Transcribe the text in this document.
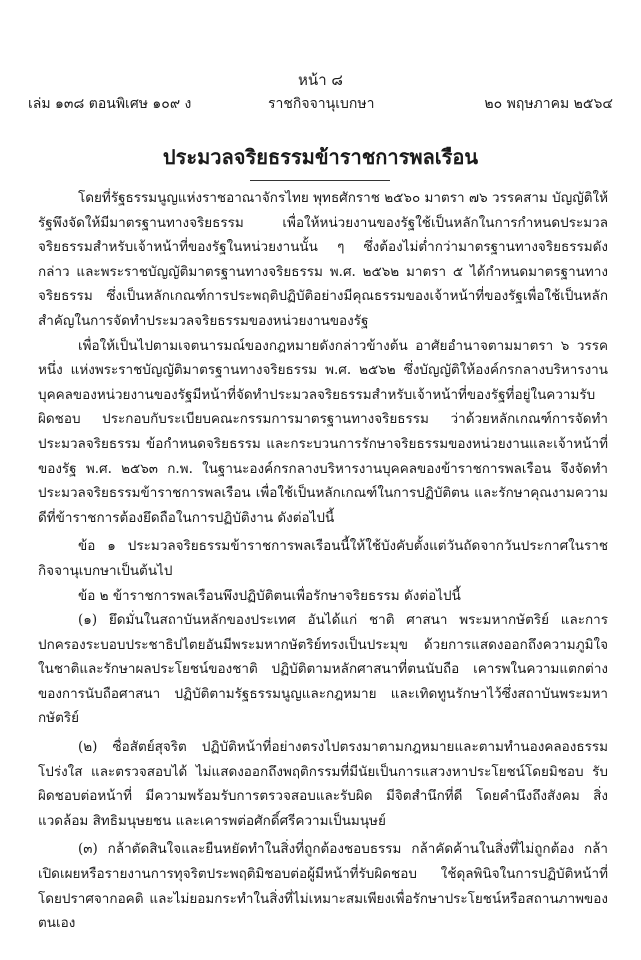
หน้า ๘
เล่ม ๑๓๘ ตอนพิเศษ ๑๐๙ ง	ราชกิจจานุเบกษา	๒๐ พฤษภาคม ๒๕๖๔
ประมวลจริยธรรมข้าราชการพลเรือน

โดยที่รัฐธรรมนูญแห่งราชอาณาจักรไทย พุทธศักราช ๒๕๖๐ มาตรา ๗๖ วรรคสาม บัญญัติให้รัฐพึงจัดให้มีมาตรฐานทางจริยธรรม เพื่อให้หน่วยงานของรัฐใช้เป็นหลักในการกำหนดประมวลจริยธรรมสำหรับเจ้าหน้าที่ของรัฐในหน่วยงานนั้น ๆ ซึ่งต้องไม่ต่ำกว่ามาตรฐานทางจริยธรรมดังกล่าว และพระราชบัญญัติมาตรฐานทางจริยธรรม พ.ศ. ๒๕๖๒ มาตรา ๕ ได้กำหนดมาตรฐานทางจริยธรรม ซึ่งเป็นหลักเกณฑ์การประพฤติปฏิบัติอย่างมีคุณธรรมของเจ้าหน้าที่ของรัฐเพื่อใช้เป็นหลักสำคัญในการจัดทำประมวลจริยธรรมของหน่วยงานของรัฐ

เพื่อให้เป็นไปตามเจตนารมณ์ของกฎหมายดังกล่าวข้างต้น อาศัยอำนาจตามมาตรา ๖ วรรคหนึ่ง แห่งพระราชบัญญัติมาตรฐานทางจริยธรรม พ.ศ. ๒๕๖๒ ซึ่งบัญญัติให้องค์กรกลางบริหารงานบุคคลของหน่วยงานของรัฐมีหน้าที่จัดทำประมวลจริยธรรมสำหรับเจ้าหน้าที่ของรัฐที่อยู่ในความรับผิดชอบ ประกอบกับระเบียบคณะกรรมการมาตรฐานทางจริยธรรม ว่าด้วยหลักเกณฑ์การจัดทำประมวลจริยธรรม ข้อกำหนดจริยธรรม และกระบวนการรักษาจริยธรรมของหน่วยงานและเจ้าหน้าที่ของรัฐ พ.ศ. ๒๕๖๓ ก.พ. ในฐานะองค์กรกลางบริหารงานบุคคลของข้าราชการพลเรือน จึงจัดทำประมวลจริยธรรมข้าราชการพลเรือน เพื่อใช้เป็นหลักเกณฑ์ในการปฏิบัติตน และรักษาคุณงามความดีที่ข้าราชการต้องยึดถือในการปฏิบัติงาน ดังต่อไปนี้

ข้อ ๑ ประมวลจริยธรรมข้าราชการพลเรือนนี้ให้ใช้บังคับตั้งแต่วันถัดจากวันประกาศในราชกิจจานุเบกษาเป็นต้นไป

ข้อ ๒ ข้าราชการพลเรือนพึงปฏิบัติตนเพื่อรักษาจริยธรรม ดังต่อไปนี้

(๑) ยึดมั่นในสถาบันหลักของประเทศ อันได้แก่ ชาติ ศาสนา พระมหากษัตริย์ และการปกครองระบอบประชาธิปไตยอันมีพระมหากษัตริย์ทรงเป็นประมุข ด้วยการแสดงออกถึงความภูมิใจในชาติและรักษาผลประโยชน์ของชาติ ปฏิบัติตามหลักศาสนาที่ตนนับถือ เคารพในความแตกต่างของการนับถือศาสนา ปฏิบัติตามรัฐธรรมนูญและกฎหมาย และเทิดทูนรักษาไว้ซึ่งสถาบันพระมหากษัตริย์

(๒) ซื่อสัตย์สุจริต ปฏิบัติหน้าที่อย่างตรงไปตรงมาตามกฎหมายและตามทำนองคลองธรรม โปร่งใส และตรวจสอบได้ ไม่แสดงออกถึงพฤติกรรมที่มีนัยเป็นการแสวงหาประโยชน์โดยมิชอบ รับผิดชอบต่อหน้าที่ มีความพร้อมรับการตรวจสอบและรับผิด มีจิตสำนึกที่ดี โดยคำนึงถึงสังคม สิ่งแวดล้อม สิทธิมนุษยชน และเคารพต่อศักดิ์ศรีความเป็นมนุษย์

(๓) กล้าตัดสินใจและยืนหยัดทำในสิ่งที่ถูกต้องชอบธรรม กล้าคัดค้านในสิ่งที่ไม่ถูกต้อง กล้าเปิดเผยหรือรายงานการทุจริตประพฤติมิชอบต่อผู้มีหน้าที่รับผิดชอบ ใช้ดุลพินิจในการปฏิบัติหน้าที่โดยปราศจากอคติ และไม่ยอมกระทำในสิ่งที่ไม่เหมาะสมเพียงเพื่อรักษาประโยชน์หรือสถานภาพของตนเอง
